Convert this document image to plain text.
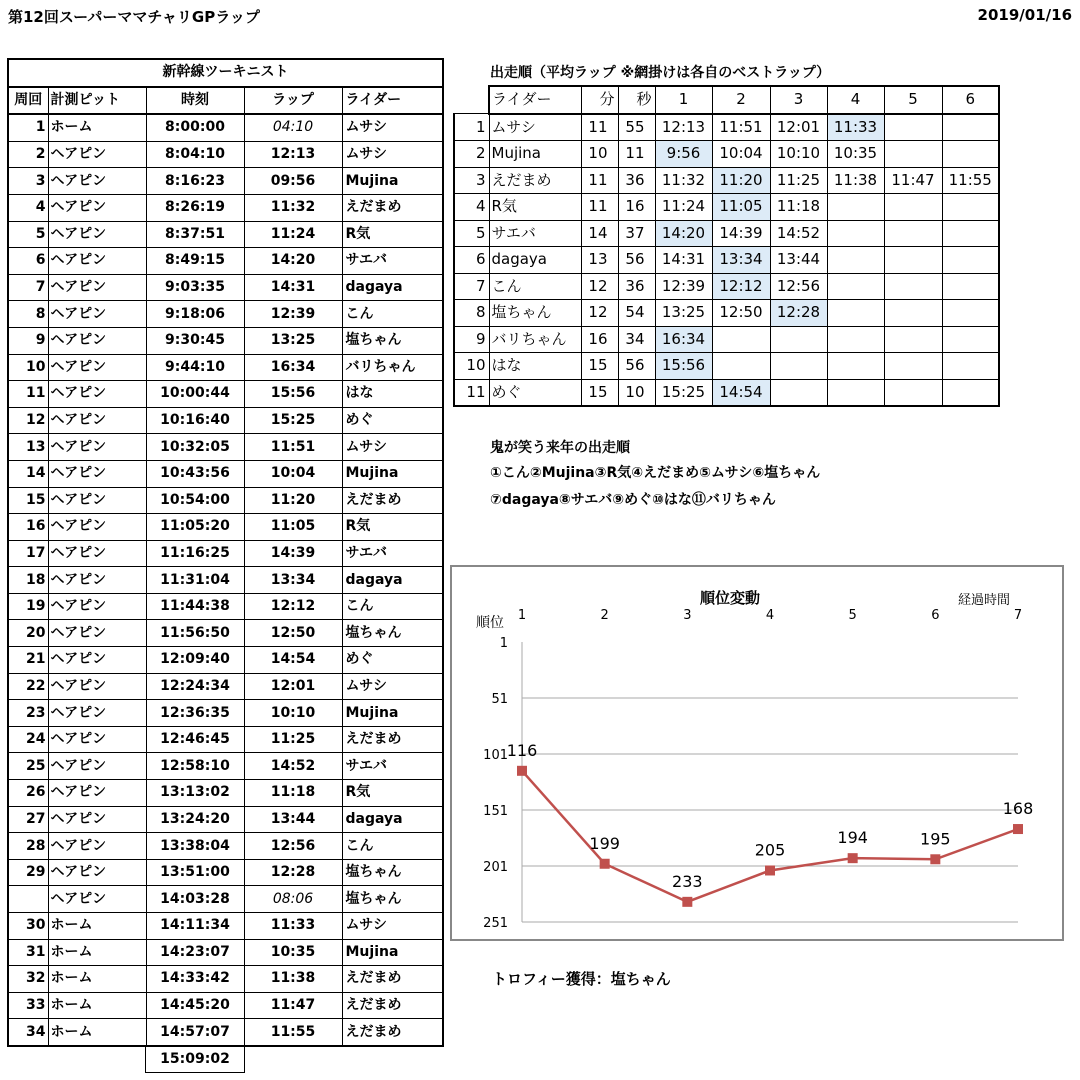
第12回スーパーママチャリGPラップ	2019/01/16
新幹線ツーキニスト				
周回	計測ピット	時刻	ラップ	ライダー
1	ホーム	8:00:00	04:10	ムサシ
2	ヘアピン	8:04:10	12:13	ムサシ
3	ヘアピン	8:16:23	09:56	Mujina
4	ヘアピン	8:26:19	11:32	えだまめ
5	ヘアピン	8:37:51	11:24	R気
6	ヘアピン	8:49:15	14:20	サエバ
7	ヘアピン	9:03:35	14:31	dagaya
8	ヘアピン	9:18:06	12:39	こん
9	ヘアピン	9:30:45	13:25	塩ちゃん
10	ヘアピン	9:44:10	16:34	バリちゃん
11	ヘアピン	10:00:44	15:56	はな
12	ヘアピン	10:16:40	15:25	めぐ
13	ヘアピン	10:32:05	11:51	ムサシ
14	ヘアピン	10:43:56	10:04	Mujina
15	ヘアピン	10:54:00	11:20	えだまめ
16	ヘアピン	11:05:20	11:05	R気
17	ヘアピン	11:16:25	14:39	サエバ
18	ヘアピン	11:31:04	13:34	dagaya
19	ヘアピン	11:44:38	12:12	こん
20	ヘアピン	11:56:50	12:50	塩ちゃん
21	ヘアピン	12:09:40	14:54	めぐ
22	ヘアピン	12:24:34	12:01	ムサシ
23	ヘアピン	12:36:35	10:10	Mujina
24	ヘアピン	12:46:45	11:25	えだまめ
25	ヘアピン	12:58:10	14:52	サエバ
26	ヘアピン	13:13:02	11:18	R気
27	ヘアピン	13:24:20	13:44	dagaya
28	ヘアピン	13:38:04	12:56	こん
29	ヘアピン	13:51:00	12:28	塩ちゃん
	ヘアピン	14:03:28	08:06	塩ちゃん
30	ホーム	14:11:34	11:33	ムサシ
31	ホーム	14:23:07	10:35	Mujina
32	ホーム	14:33:42	11:38	えだまめ
33	ホーム	14:45:20	11:47	えだまめ
34	ホーム	14:57:07	11:55	えだまめ
15:09:02
出走順（平均ラップ ※網掛けは各自のベストラップ）
	ライダー	分	秒	1	2	3	4	5	6
1	ムサシ	11	55	12:13	11:51	12:01	11:33		
2	Mujina	10	11	9:56	10:04	10:10	10:35		
3	えだまめ	11	36	11:32	11:20	11:25	11:38	11:47	11:55
4	R気	11	16	11:24	11:05	11:18			
5	サエバ	14	37	14:20	14:39	14:52			
6	dagaya	13	56	14:31	13:34	13:44			
7	こん	12	36	12:39	12:12	12:56			
8	塩ちゃん	12	54	13:25	12:50	12:28			
9	バリちゃん	16	34	16:34					
10	はな	15	56	15:56					
11	めぐ	15	10	15:25	14:54				
鬼が笑う来年の出走順
①こん②Mujina③R気④えだまめ⑤ムサシ⑥塩ちゃん
⑦dagaya⑧サエバ⑨めぐ⑩はな⑪バリちゃん
順位変動	経過時間
順位
1
51
101
151
201
251
1	2	3	4	5	6	7
116
199
233
205
194	195
168
トロフィー獲得：塩ちゃん
